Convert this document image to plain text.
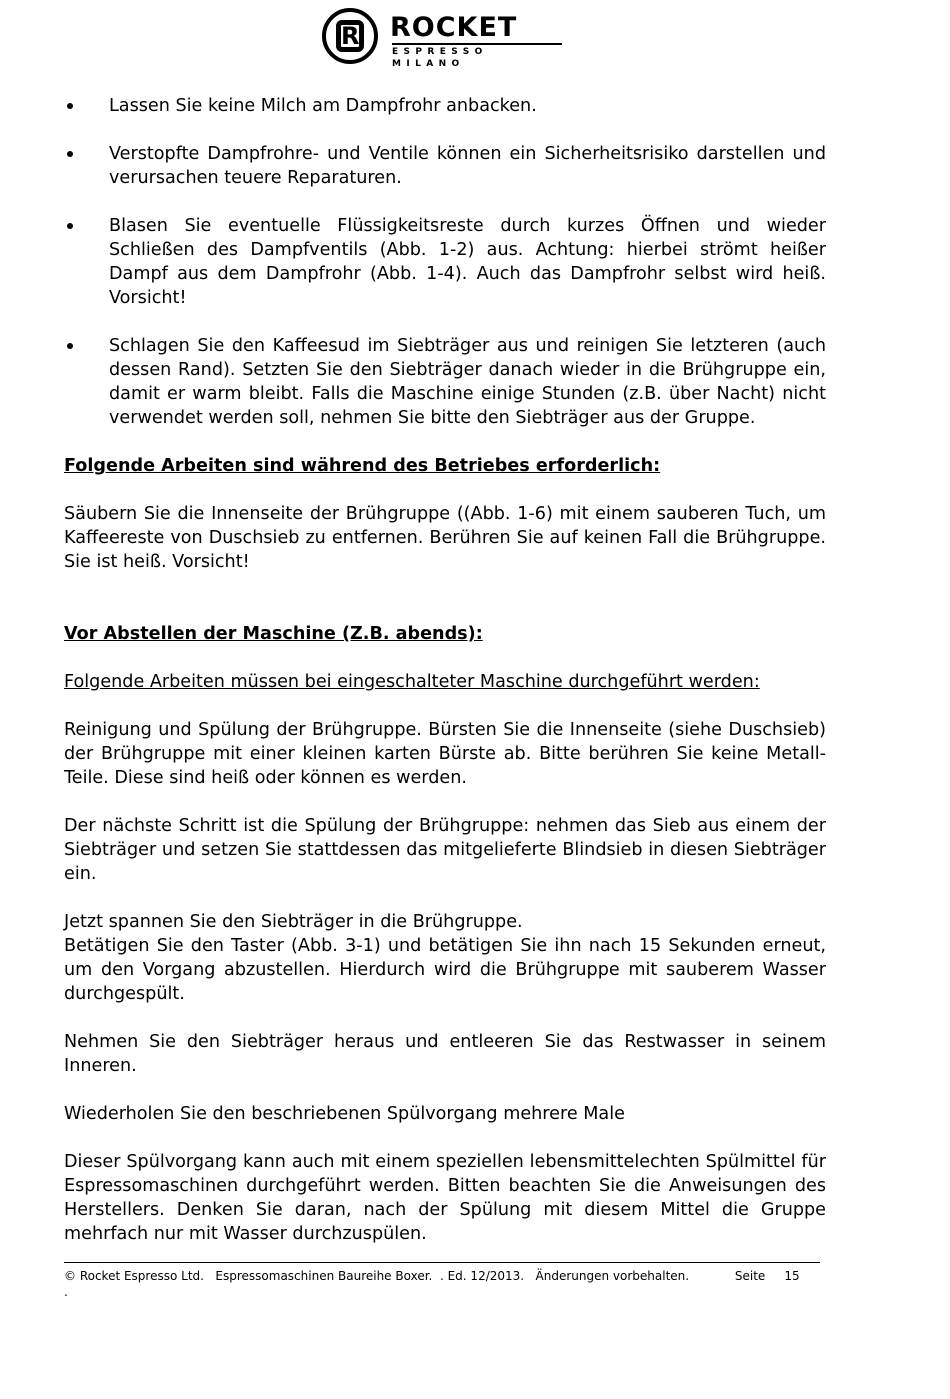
R ROCKET
ESPRESSO MILANO
Lassen Sie keine Milch am Dampfrohr anbacken.
Verstopfte Dampfrohre- und Ventile können ein Sicherheitsrisiko darstellen und verursachen teuere Reparaturen.
Blasen Sie eventuelle Flüssigkeitsreste durch kurzes Öffnen und wieder Schließen des Dampfventils (Abb. 1-2) aus. Achtung: hierbei strömt heißer Dampf aus dem Dampfrohr (Abb. 1-4). Auch das Dampfrohr selbst wird heiß. Vorsicht!
Schlagen Sie den Kaffeesud im Siebträger aus und reinigen Sie letzteren (auch dessen Rand). Setzten Sie den Siebträger danach wieder in die Brühgruppe ein, damit er warm bleibt. Falls die Maschine einige Stunden (z.B. über Nacht) nicht verwendet werden soll, nehmen Sie bitte den Siebträger aus der Gruppe.

Folgende Arbeiten sind während des Betriebes erforderlich:

Säubern Sie die Innenseite der Brühgruppe ((Abb. 1-6) mit einem sauberen Tuch, um Kaffeereste von Duschsieb zu entfernen. Berühren Sie auf keinen Fall die Brühgruppe. Sie ist heiß. Vorsicht!

Vor Abstellen der Maschine (Z.B. abends):

Folgende Arbeiten müssen bei eingeschalteter Maschine durchgeführt werden:

Reinigung und Spülung der Brühgruppe. Bürsten Sie die Innenseite (siehe Duschsieb) der Brühgruppe mit einer kleinen karten Bürste ab. Bitte berühren Sie keine Metall-Teile. Diese sind heiß oder können es werden.

Der nächste Schritt ist die Spülung der Brühgruppe: nehmen das Sieb aus einem der Siebträger und setzen Sie stattdessen das mitgelieferte Blindsieb in diesen Siebträger ein.

Jetzt spannen Sie den Siebträger in die Brühgruppe.

Betätigen Sie den Taster (Abb. 3-1) und betätigen Sie ihn nach 15 Sekunden erneut, um den Vorgang abzustellen. Hierdurch wird die Brühgruppe mit sauberem Wasser durchgespült.

Nehmen Sie den Siebträger heraus und entleeren Sie das Restwasser in seinem Inneren.

Wiederholen Sie den beschriebenen Spülvorgang mehrere Male

Dieser Spülvorgang kann auch mit einem speziellen lebensmittelechten Spülmittel für Espressomaschinen durchgeführt werden. Bitten beachten Sie die Anweisungen des Herstellers. Denken Sie daran, nach der Spülung mit diesem Mittel die Gruppe mehrfach nur mit Wasser durchzuspülen.

© Rocket Espresso Ltd.   Espressomaschinen Baureihe Boxer.  . Ed. 12/2013.   Änderungen vorbehalten.	Seite 15
.
